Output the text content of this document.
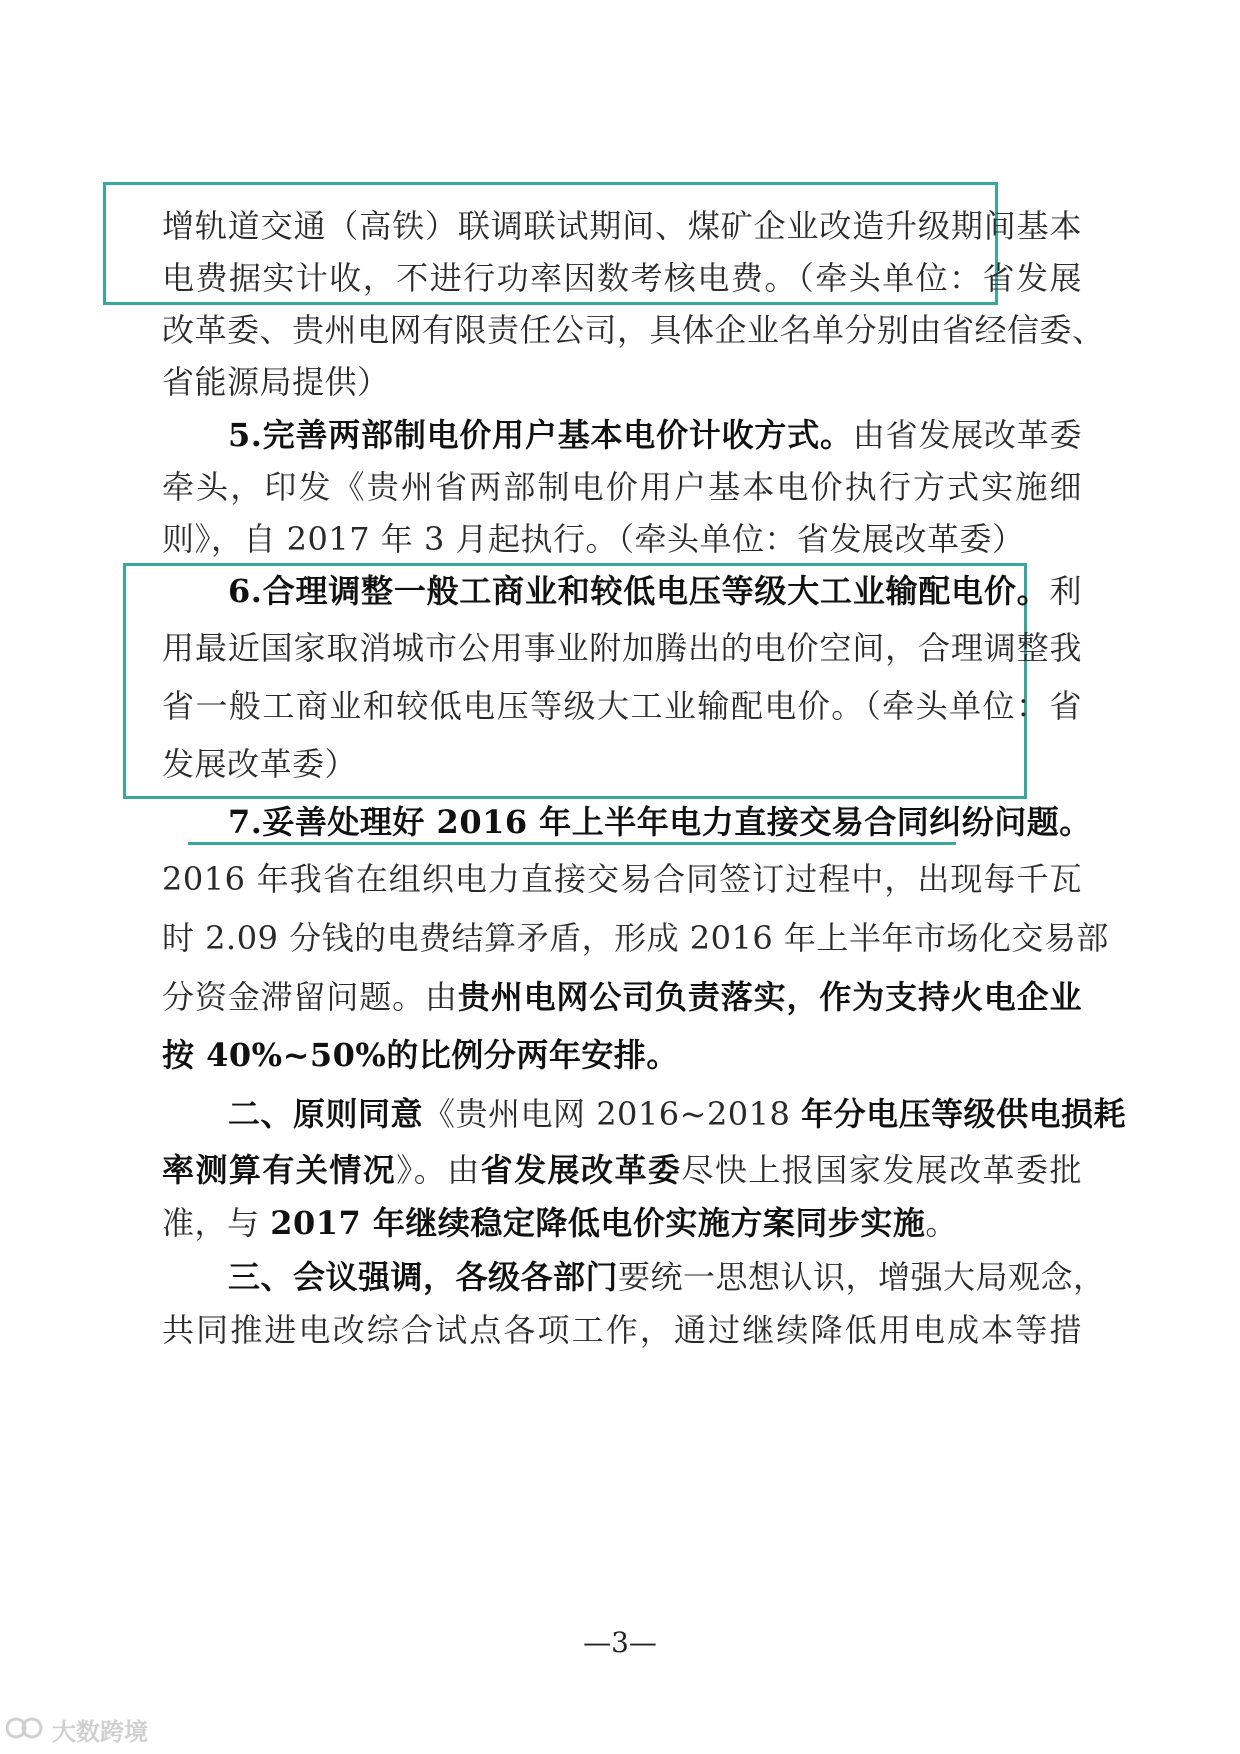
增轨道交通（高铁）联调联试期间、煤矿企业改造升级期间基本
电费据实计收，不进行功率因数考核电费。（牵头单位：省发展
改革委、贵州电网有限责任公司，具体企业名单分别由省经信委、
省能源局提供）
5.完善两部制电价用户基本电价计收方式。由省发展改革委
牵头，印发《贵州省两部制电价用户基本电价执行方式实施细
则》，自 2017 年 3 月起执行。（牵头单位：省发展改革委）
6.合理调整一般工商业和较低电压等级大工业输配电价。利
用最近国家取消城市公用事业附加腾出的电价空间，合理调整我
省一般工商业和较低电压等级大工业输配电价。（牵头单位：省
发展改革委）
7.妥善处理好 2016 年上半年电力直接交易合同纠纷问题。
2016 年我省在组织电力直接交易合同签订过程中，出现每千瓦
时 2.09 分钱的电费结算矛盾，形成 2016 年上半年市场化交易部
分资金滞留问题。由贵州电网公司负责落实，作为支持火电企业
按 40%~50%的比例分两年安排。
二、原则同意《贵州电网 2016~2018 年分电压等级供电损耗
率测算有关情况》。由省发展改革委尽快上报国家发展改革委批
准，与 2017 年继续稳定降低电价实施方案同步实施。
三、会议强调，各级各部门要统一思想认识，增强大局观念，
共同推进电改综合试点各项工作，通过继续降低用电成本等措
—3—
大数跨境
